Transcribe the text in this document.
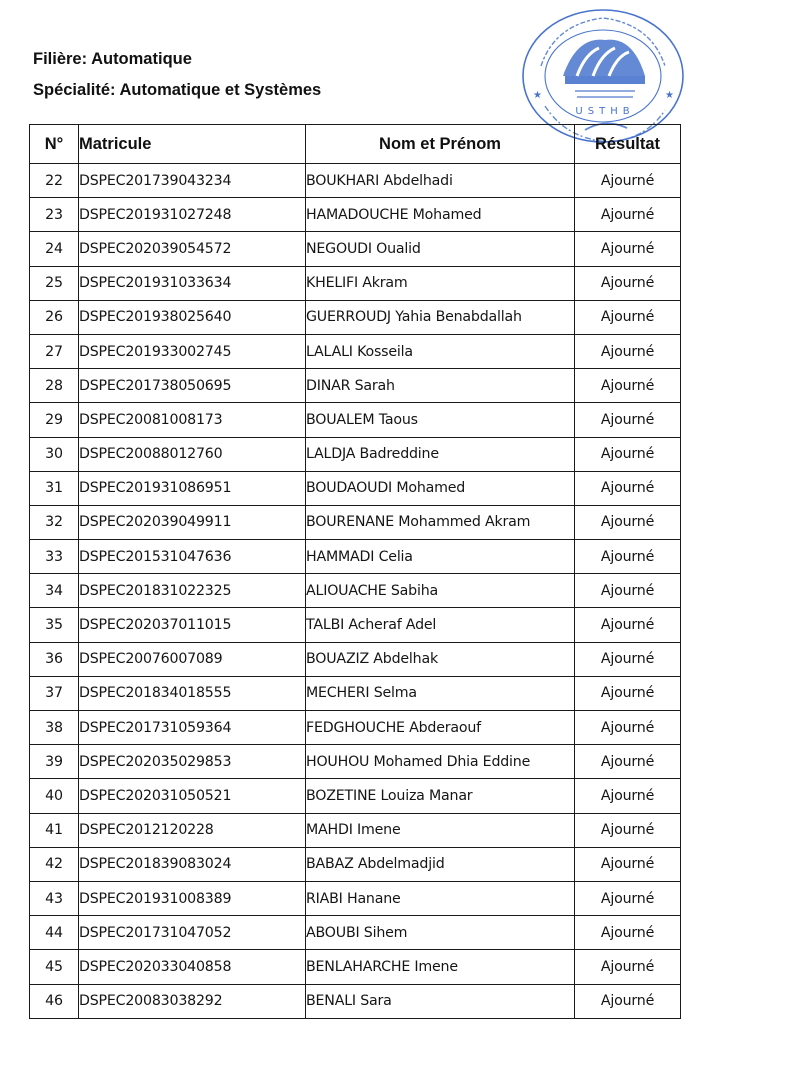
Filière: Automatique
Spécialité: Automatique et Systèmes
USTHB
★	★
N°	Matricule	Nom et Prénom	Résultat
22	DSPEC201739043234	BOUKHARI Abdelhadi	Ajourné
23	DSPEC201931027248	HAMADOUCHE Mohamed	Ajourné
24	DSPEC202039054572	NEGOUDI Oualid	Ajourné
25	DSPEC201931033634	KHELIFI Akram	Ajourné
26	DSPEC201938025640	GUERROUDJ Yahia Benabdallah	Ajourné
27	DSPEC201933002745	LALALI Kosseila	Ajourné
28	DSPEC201738050695	DINAR Sarah	Ajourné
29	DSPEC20081008173	BOUALEM Taous	Ajourné
30	DSPEC20088012760	LALDJA Badreddine	Ajourné
31	DSPEC201931086951	BOUDAOUDI Mohamed	Ajourné
32	DSPEC202039049911	BOURENANE Mohammed Akram	Ajourné
33	DSPEC201531047636	HAMMADI Celia	Ajourné
34	DSPEC201831022325	ALIOUACHE Sabiha	Ajourné
35	DSPEC202037011015	TALBI Acheraf Adel	Ajourné
36	DSPEC20076007089	BOUAZIZ Abdelhak	Ajourné
37	DSPEC201834018555	MECHERI Selma	Ajourné
38	DSPEC201731059364	FEDGHOUCHE Abderaouf	Ajourné
39	DSPEC202035029853	HOUHOU Mohamed Dhia Eddine	Ajourné
40	DSPEC202031050521	BOZETINE Louiza Manar	Ajourné
41	DSPEC2012120228	MAHDI Imene	Ajourné
42	DSPEC201839083024	BABAZ Abdelmadjid	Ajourné
43	DSPEC201931008389	RIABI Hanane	Ajourné
44	DSPEC201731047052	ABOUBI Sihem	Ajourné
45	DSPEC202033040858	BENLAHARCHE Imene	Ajourné
46	DSPEC20083038292	BENALI Sara	Ajourné
